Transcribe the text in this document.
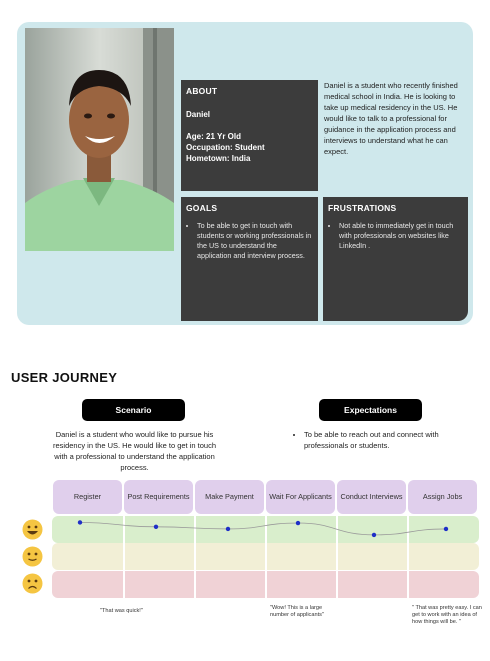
ABOUT
Daniel
Age: 21 Yr Old
Occupation: Student
Hometown: India
Daniel is a student who recently finished medical school in India. He is looking to take up medical residency in the US. He would like to talk to a professional for guidance in the application process and interviews to understand what he can expect.
GOALS
• To be able to get in touch with students or working professionals in the US to understand the application and interview process.
FRUSTRATIONS
• Not able to immediately get in touch with professionals on websites like LinkedIn .
USER JOURNEY
Scenario	Expectations
Daniel is a student who would like to pursue his residency in the US. He would like to get in touch with a professional to understand the application process.
• To be able to reach out and connect with professionals or students.
Register	Post Requirements	Make Payment	Wait For Applicants	Conduct Interviews	Assign Jobs
"That was quick!"	"Wow! This is a large number of applicants"
" That was pretty easy. I can get to work with an idea of how things will be. "
